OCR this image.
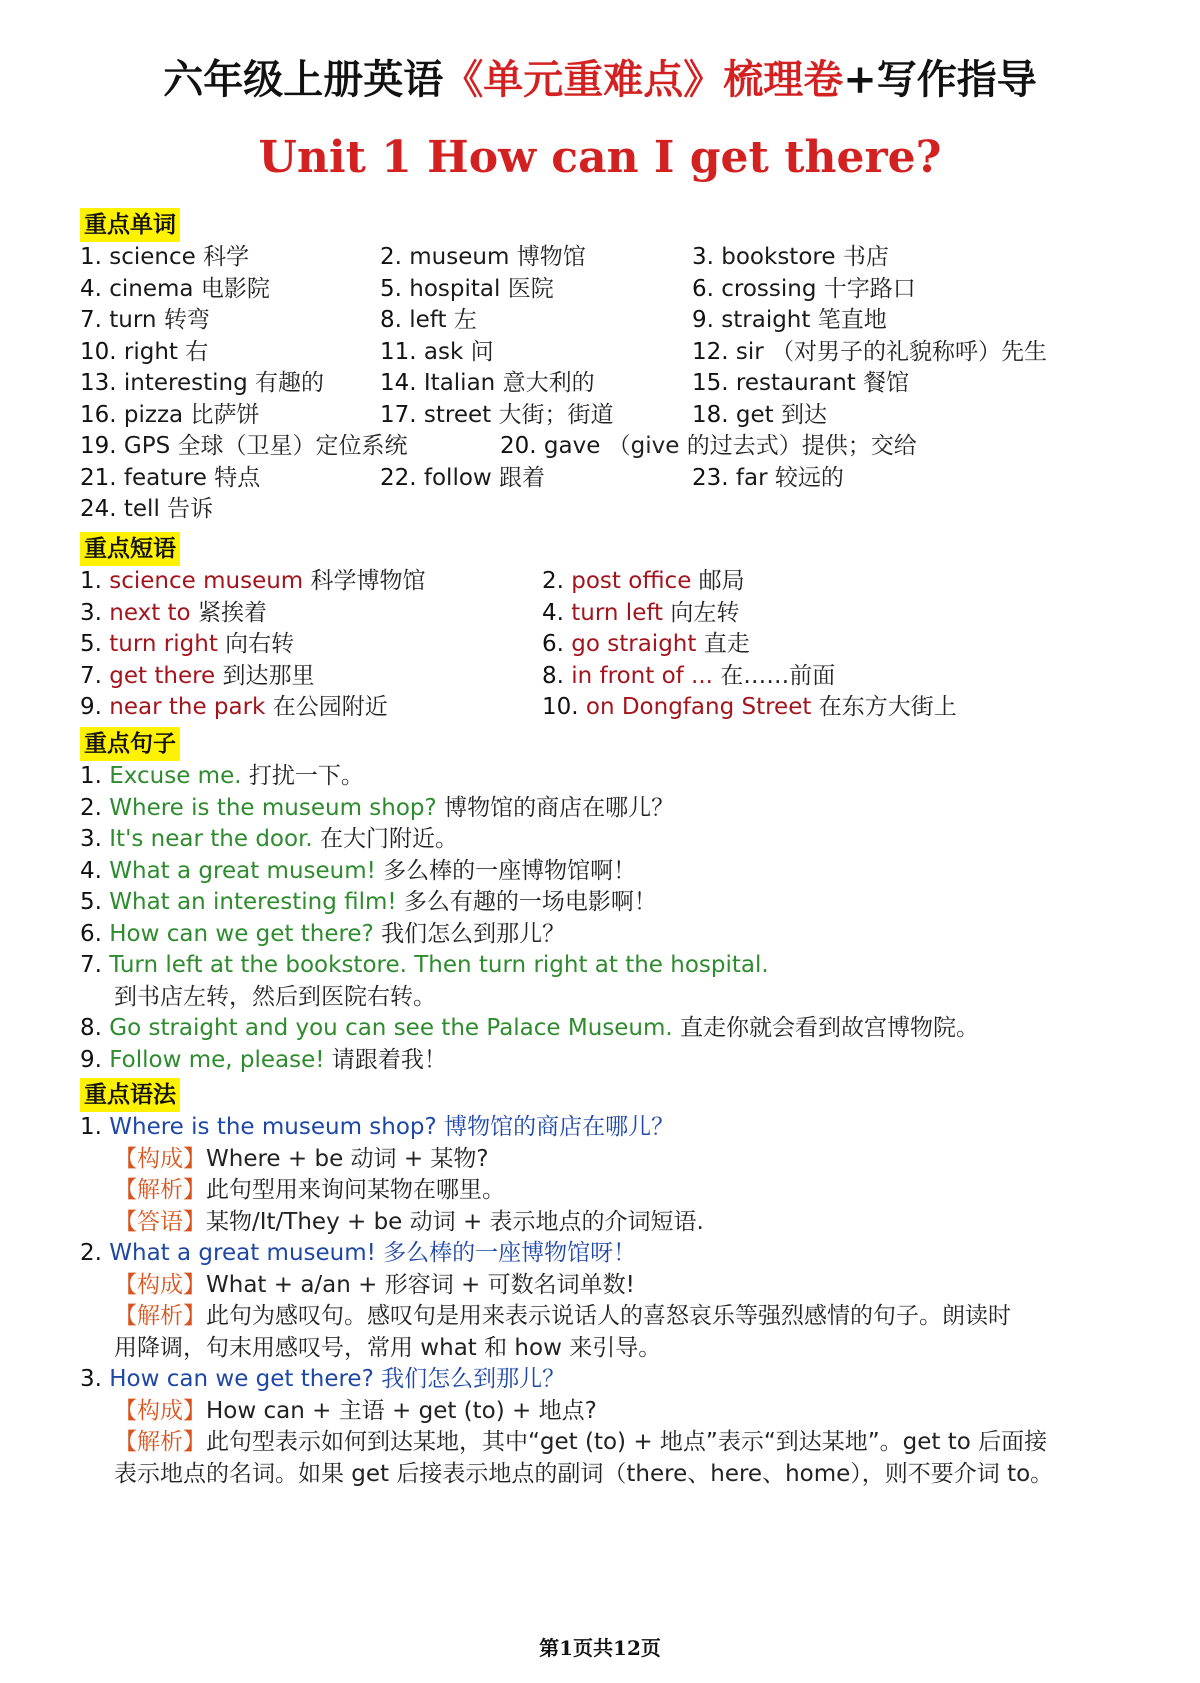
六年级上册英语《单元重难点》梳理卷+写作指导
Unit 1 How can I get there?
重点单词
1. science 科学	2. museum 博物馆	3. bookstore 书店
4. cinema 电影院	5. hospital 医院	6. crossing 十字路口
7. turn 转弯	8. left 左	9. straight 笔直地
10. right 右	11. ask 问	12. sir （对男子的礼貌称呼）先生
13. interesting 有趣的	14. Italian 意大利的	15. restaurant 餐馆
16. pizza 比萨饼	17. street 大街；街道	18. get 到达
19. GPS 全球（卫星）定位系统	20. gave （give 的过去式）提供；交给
21. feature 特点	22. follow 跟着	23. far 较远的
24. tell 告诉
重点短语
1. science museum 科学博物馆	2. post office 邮局
3. next to 紧挨着	4. turn left 向左转
5. turn right 向右转	6. go straight 直走
7. get there 到达那里	8. in front of ... 在……前面
9. near the park 在公园附近	10. on Dongfang Street 在东方大街上
重点句子
1. Excuse me. 打扰一下。
2. Where is the museum shop? 博物馆的商店在哪儿？
3. It's near the door. 在大门附近。
4. What a great museum! 多么棒的一座博物馆啊！
5. What an interesting film! 多么有趣的一场电影啊！
6. How can we get there? 我们怎么到那儿？
7. Turn left at the bookstore. Then turn right at the hospital.
到书店左转，然后到医院右转。
8. Go straight and you can see the Palace Museum. 直走你就会看到故宫博物院。
9. Follow me, please! 请跟着我！
重点语法
1. Where is the museum shop? 博物馆的商店在哪儿？
【构成】Where + be 动词 + 某物?
【解析】此句型用来询问某物在哪里。
【答语】某物/It/They + be 动词 + 表示地点的介词短语.
2. What a great museum! 多么棒的一座博物馆呀！
【构成】What + a/an + 形容词 + 可数名词单数!
【解析】此句为感叹句。感叹句是用来表示说话人的喜怒哀乐等强烈感情的句子。朗读时
用降调，句末用感叹号，常用 what 和 how 来引导。
3. How can we get there? 我们怎么到那儿？
【构成】How can + 主语 + get (to) + 地点?
【解析】此句型表示如何到达某地，其中“get (to) + 地点”表示“到达某地”。get to 后面接
表示地点的名词。如果 get 后接表示地点的副词（there、here、home），则不要介词 to。
第1页共12页
